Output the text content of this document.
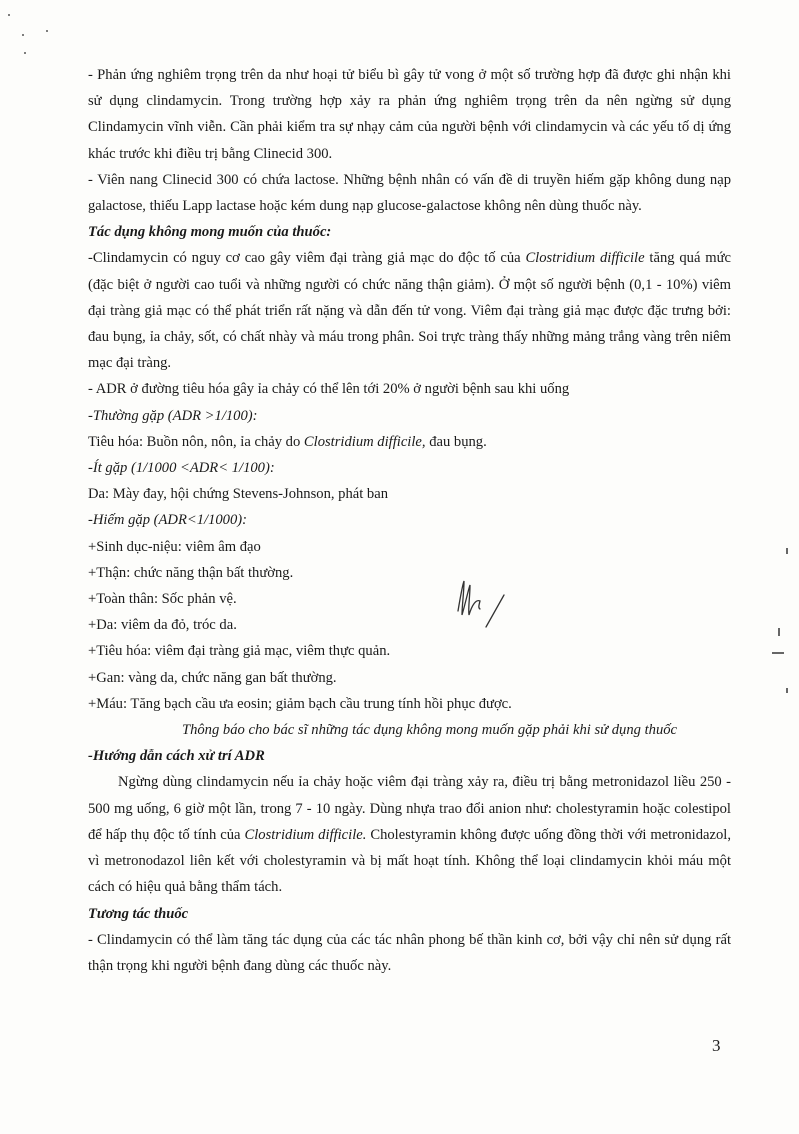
- Phản ứng nghiêm trọng trên da như hoại tử biểu bì gây tử vong ở một số trường hợp đã được ghi nhận khi sử dụng clindamycin. Trong trường hợp xảy ra phản ứng nghiêm trọng trên da nên ngừng sử dụng Clindamycin vĩnh viễn. Cần phải kiểm tra sự nhạy cảm của người bệnh với clindamycin và các yếu tố dị ứng khác trước khi điều trị bằng Clinecid 300.

- Viên nang Clinecid 300 có chứa lactose. Những bệnh nhân có vấn đề di truyền hiếm gặp không dung nạp galactose, thiếu Lapp lactase hoặc kém dung nạp glucose-galactose không nên dùng thuốc này.

Tác dụng không mong muốn của thuốc:

-Clindamycin có nguy cơ cao gây viêm đại tràng giả mạc do độc tố của Clostridium difficile tăng quá mức (đặc biệt ở người cao tuổi và những người có chức năng thận giảm). Ở một số người bệnh (0,1 - 10%) viêm đại tràng giả mạc có thể phát triển rất nặng và dẫn đến tử vong. Viêm đại tràng giả mạc được đặc trưng bởi: đau bụng, ỉa chảy, sốt, có chất nhày và máu trong phân. Soi trực tràng thấy những mảng trắng vàng trên niêm mạc đại tràng.

- ADR ở đường tiêu hóa gây ỉa chảy có thể lên tới 20% ở người bệnh sau khi uống

-Thường gặp (ADR >1/100):

Tiêu hóa: Buồn nôn, nôn, ỉa chảy do Clostridium difficile, đau bụng.

-Ít gặp (1/1000 <ADR< 1/100):

Da: Mày đay, hội chứng Stevens-Johnson, phát ban

-Hiếm gặp (ADR<1/1000):

+Sinh dục-niệu: viêm âm đạo

+Thận: chức năng thận bất thường.

+Toàn thân: Sốc phản vệ.

+Da: viêm da đỏ, tróc da.

+Tiêu hóa: viêm đại tràng giả mạc, viêm thực quản.

+Gan: vàng da, chức năng gan bất thường.

+Máu: Tăng bạch cầu ưa eosin; giảm bạch cầu trung tính hồi phục được.

Thông báo cho bác sĩ những tác dụng không mong muốn gặp phải khi sử dụng thuốc

-Hướng dẫn cách xử trí ADR

Ngừng dùng clindamycin nếu ỉa chảy hoặc viêm đại tràng xảy ra, điều trị bằng metronidazol liều 250 - 500 mg uống, 6 giờ một lần, trong 7 - 10 ngày. Dùng nhựa trao đổi anion như: cholestyramin hoặc colestipol để hấp thụ độc tố tính của Clostridium difficile. Cholestyramin không được uống đồng thời với metronidazol, vì metronodazol liên kết với cholestyramin và bị mất hoạt tính. Không thể loại clindamycin khỏi máu một cách có hiệu quả bằng thẩm tách.

Tương tác thuốc

- Clindamycin có thể làm tăng tác dụng của các tác nhân phong bế thần kinh cơ, bởi vậy chỉ nên sử dụng rất thận trọng khi người bệnh đang dùng các thuốc này.

3
